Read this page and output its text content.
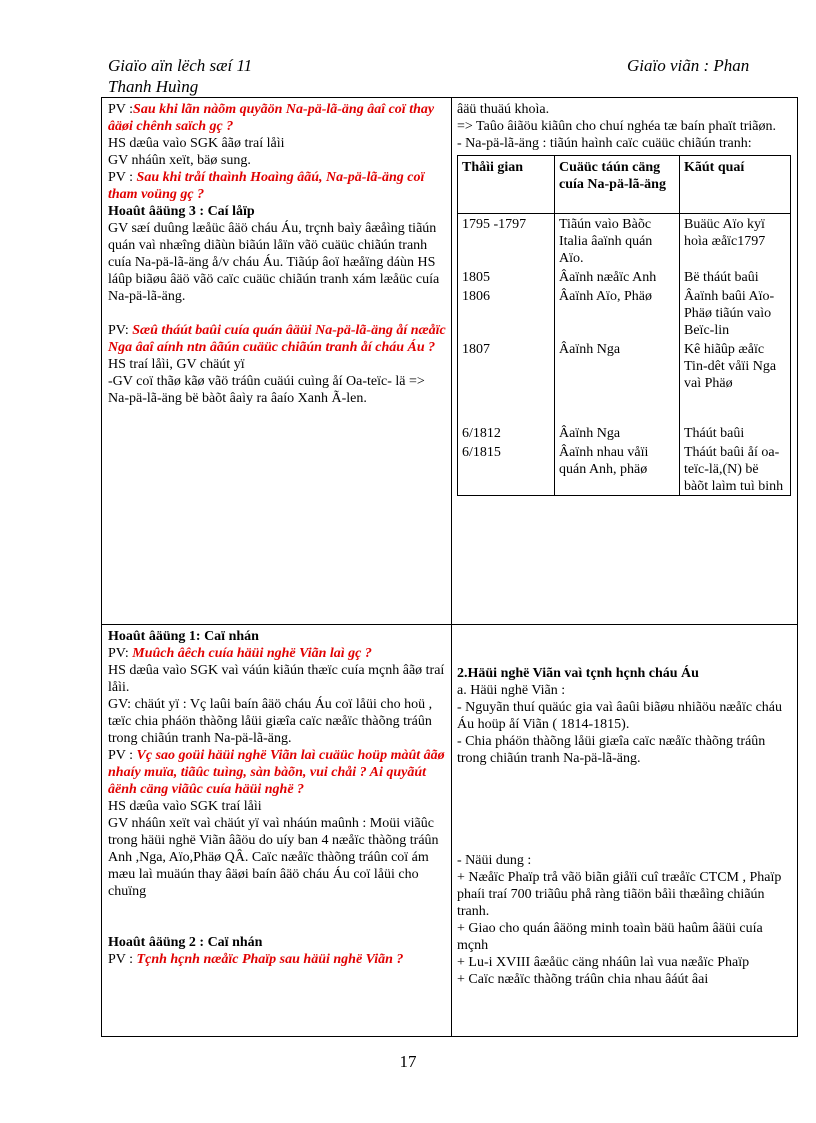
Giaïo aïn lëch sæí 11
Thanh Huìng
Giaïo viãn : Phan

PV :Sau khi lãn nàõm quyãön Na-pä-lã-äng âaî coï thay âäøi chênh saïch gç ?

HS dæûa vaìo SGK âãø traí låìi

GV nháûn xeït, bäø sung.

PV : Sau khi tråí thaình Hoaìng âãú, Na-pä-lã-äng coï tham voüng gç ?

Hoaût âäüng 3 : Caí låïp

GV sæí duûng læåüc âäö cháu Áu, trçnh baìy âæåìng tiãún quán vaì nhæîng diãùn biãún låïn vãö cuäüc chiãún tranh cuía Na-pä-lã-äng å/v cháu Áu. Tiãúp âoï hæåïng dáùn HS láûp biãøu âäö vãö caïc cuäüc chiãún tranh xám læåüc cuía Na-pä-lã-äng.

PV: Sæû tháút baûi cuía quán âäüi Na-pä-lã-äng åí næåïc Nga âaî aính ntn âãún cuäüc chiãún tranh åí cháu Áu ?

HS traí låìi, GV chäút yï

-GV coï thãø kãø vãö tráûn cuäúi cuìng åí Oa-teïc- lä => Na-pä-lã-äng bë bàõt âaìy ra âaío Xanh Ã-len.

Hoaût âäüng 1: Caï nhán

PV: Muûch âêch cuía häüi nghë Viãn laì gç ?

HS dæûa vaìo SGK vaì váún kiãún thæïc cuía mçnh âãø traí låìi.

GV: chäút yï : Vç laûi baín âäö cháu Áu coï låüi cho hoü , tæïc chia pháön thàõng låüi giæîa caïc næåïc thàõng tráûn trong chiãún tranh Na-pä-lã-äng.

PV : Vç sao goüi häüi nghë Viãn laì cuäüc hoüp màût âãø nhaíy muïa, tiãûc tuìng, sàn bàõn, vui chåi ? Ai quyãút âënh cäng viãûc cuía häüi nghë ?

HS dæûa vaìo SGK traí låìi

GV nháûn xeït vaì chäút yï vaì nháún maûnh : Moüi viãûc trong häüi nghë Viãn âãöu do uíy ban 4 næåïc thàõng tráûn Anh ,Nga, Aïo,Phäø QÂ. Caïc næåïc thàõng tráûn coï ám mæu laì muäún thay âäøi baín âäö cháu Áu coï låüi cho chuïng

Hoaût âäüng 2 : Caï nhán

PV : Tçnh hçnh næåïc Phaïp sau häüi nghë Viãn ?

âäü thuäú khoìa.

=> Taûo âiãöu kiãûn cho chuí nghéa tæ baín phaït triãøn.

- Na-pä-lã-äng : tiãún haình caïc cuäüc chiãún tranh:

Thåìi gian	Cuäüc táún cäng cuía Na-pä-lã-äng	Kãút quaí
1795 -1797	Tiãún vaìo Bàõc Italia âaïnh quán Aïo.	Buäüc Aïo kyï hoìa æåïc1797
1805	Âaïnh næåïc Anh	Bë tháút baûi
1806	Âaïnh Aïo, Phäø	Âaïnh baûi Aïo-Phäø tiãún vaìo Beïc-lin
1807	Âaïnh Nga	Kê hiãûp æåïc Tin-dêt våïi Nga vaì Phäø
6/1812	Âaïnh Nga	Tháút baûi
6/1815	Âaïnh nhau våïi quán Anh, phäø	Tháút baûi åí oa-teïc-lä,(N) bë bàõt laìm tuì binh

2.Häüi nghë Viãn vaì tçnh hçnh cháu Áu

a. Häüi nghë Viãn :

- Nguyãn thuí quäúc gia vaì âaûi biãøu nhiãöu næåïc cháu Áu hoüp åí Viãn ( 1814-1815).

- Chia pháön thàõng låüi giæîa caïc næåïc thàõng tráûn trong chiãún tranh Na-pä-lã-äng.

- Näüi dung :

+ Næåïc Phaïp trå vãö biãn giåïi cuî træåïc CTCM , Phaïp phaíi traí 700 triãûu phå ràng tiãön båìi thæåìng chiãún tranh.

+ Giao cho quán âäöng minh toaìn bäü haûm âäüi cuía mçnh

+ Lu-i XVIII âæåüc cäng nháûn laì vua næåïc Phaïp

+ Caïc næåïc thàõng tráûn chia nhau âáút âai

17
